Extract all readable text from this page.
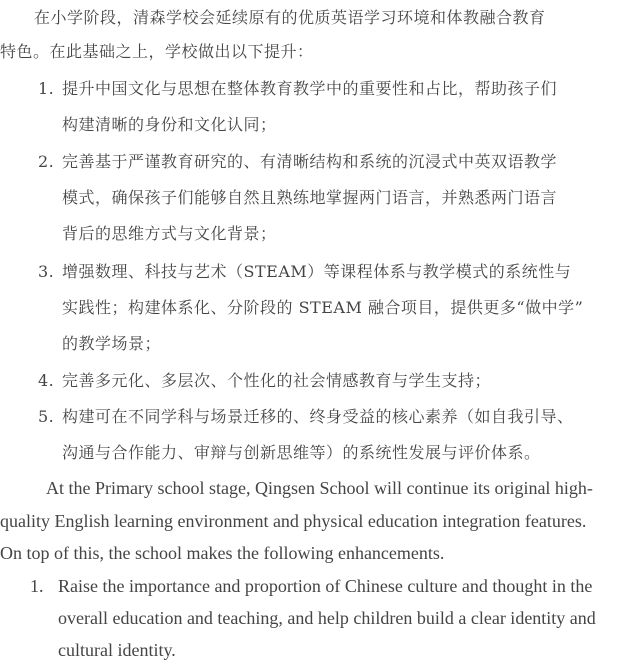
在小学阶段，清森学校会延续原有的优质英语学习环境和体教融合教育
特色。在此基础之上，学校做出以下提升：
1. 提升中国文化与思想在整体教育教学中的重要性和占比，帮助孩子们
构建清晰的身份和文化认同；
2. 完善基于严谨教育研究的、有清晰结构和系统的沉浸式中英双语教学
模式，确保孩子们能够自然且熟练地掌握两门语言，并熟悉两门语言
背后的思维方式与文化背景；
3. 增强数理、科技与艺术（STEAM）等课程体系与教学模式的系统性与
实践性；构建体系化、分阶段的 STEAM 融合项目，提供更多“做中学”
的教学场景；
4. 完善多元化、多层次、个性化的社会情感教育与学生支持；
5. 构建可在不同学科与场景迁移的、终身受益的核心素养（如自我引导、
沟通与合作能力、审辩与创新思维等）的系统性发展与评价体系。
At the Primary school stage, Qingsen School will continue its original high-
quality English learning environment and physical education integration features.
On top of this, the school makes the following enhancements.
1. Raise the importance and proportion of Chinese culture and thought in the
overall education and teaching, and help children build a clear identity and
cultural identity.
